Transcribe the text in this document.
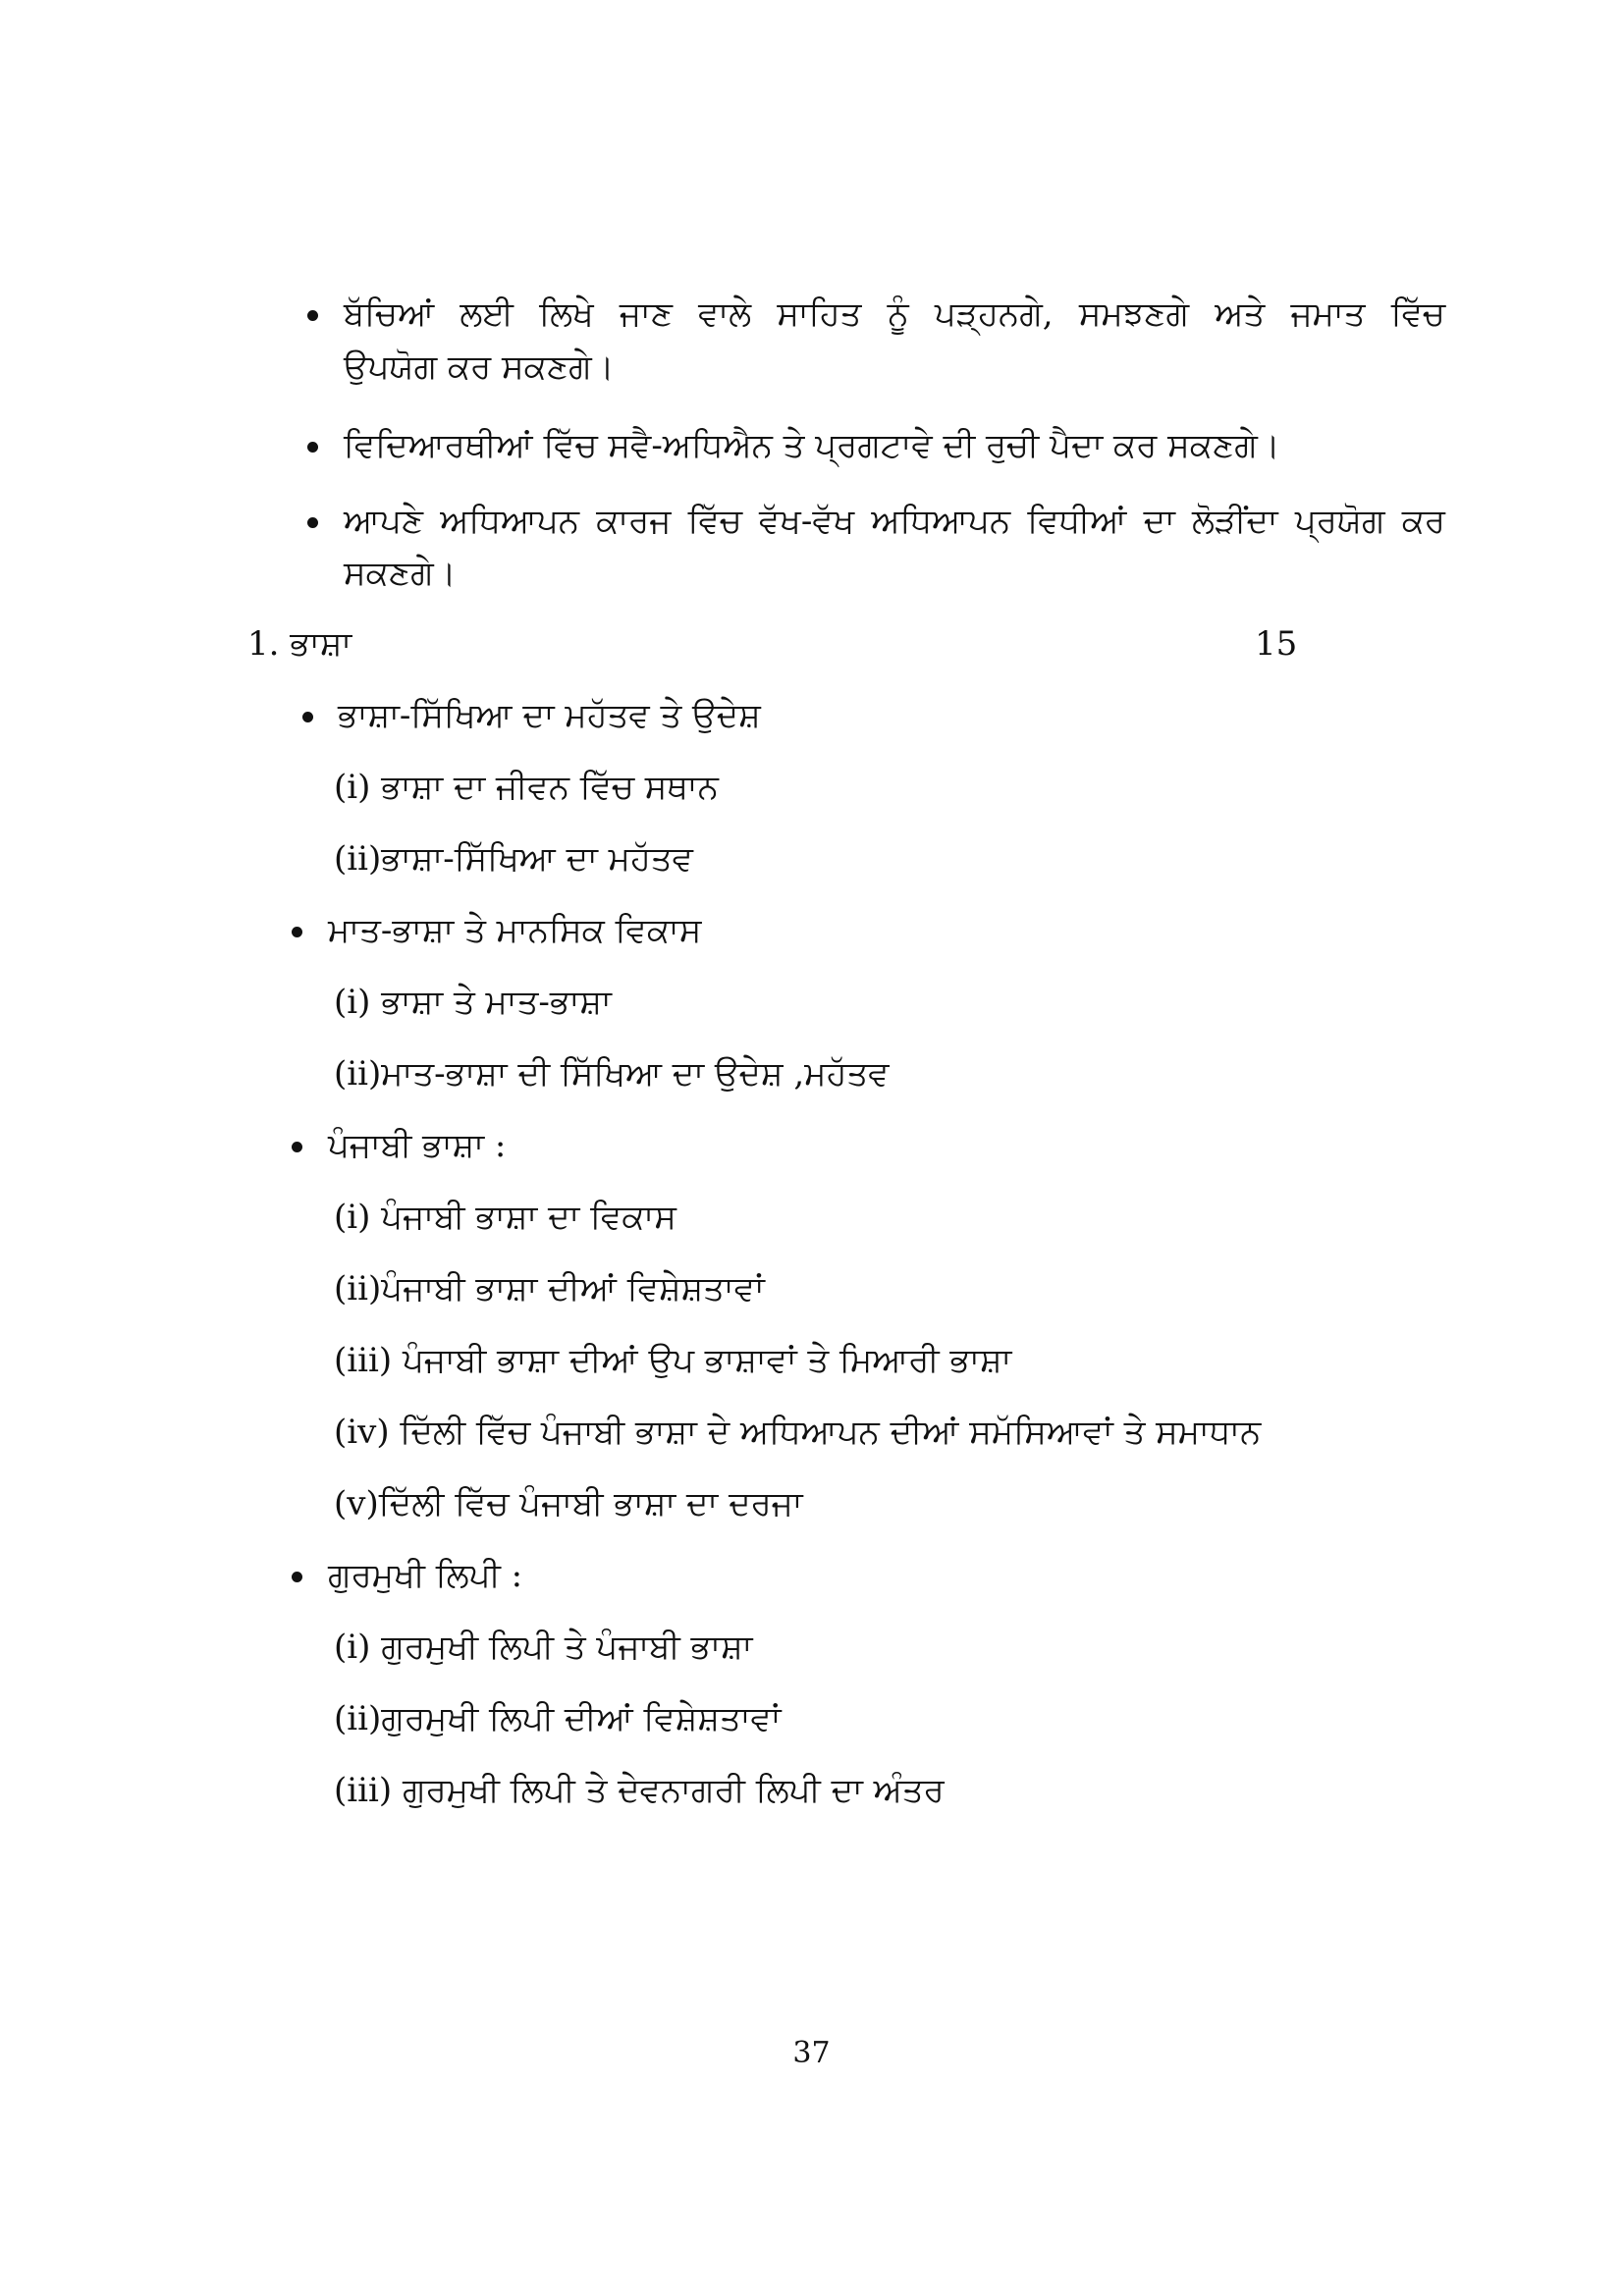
ਬੱਚਿਆਂ ਲਈ ਲਿਖੇ ਜਾਣ ਵਾਲੇ ਸਾਹਿਤ ਨੂੰ ਪੜ੍ਹਨਗੇ, ਸਮਝਣਗੇ ਅਤੇ ਜਮਾਤ ਵਿੱਚ
ਉਪਯੋਗ ਕਰ ਸਕਣਗੇ।
ਵਿਦਿਆਰਥੀਆਂ ਵਿੱਚ ਸਵੈ-ਅਧਿਐਨ ਤੇ ਪ੍ਰਗਟਾਵੇ ਦੀ ਰੁਚੀ ਪੈਦਾ ਕਰ ਸਕਣਗੇ।
ਆਪਣੇ ਅਧਿਆਪਨ ਕਾਰਜ ਵਿੱਚ ਵੱਖ-ਵੱਖ ਅਧਿਆਪਨ ਵਿਧੀਆਂ ਦਾ ਲੋੜੀਂਦਾ ਪ੍ਰਯੋਗ ਕਰ
ਸਕਣਗੇ।
1. ਭਾਸ਼ਾ	15
ਭਾਸ਼ਾ-ਸਿੱਖਿਆ ਦਾ ਮਹੱਤਵ ਤੇ ਉਦੇਸ਼
(i) ਭਾਸ਼ਾ ਦਾ ਜੀਵਨ ਵਿੱਚ ਸਥਾਨ
(ii)ਭਾਸ਼ਾ-ਸਿੱਖਿਆ ਦਾ ਮਹੱਤਵ
ਮਾਤ-ਭਾਸ਼ਾ ਤੇ ਮਾਨਸਿਕ ਵਿਕਾਸ
(i) ਭਾਸ਼ਾ ਤੇ ਮਾਤ-ਭਾਸ਼ਾ
(ii)ਮਾਤ-ਭਾਸ਼ਾ ਦੀ ਸਿੱਖਿਆ ਦਾ ਉਦੇਸ਼ ,ਮਹੱਤਵ
ਪੰਜਾਬੀ ਭਾਸ਼ਾ :
(i) ਪੰਜਾਬੀ ਭਾਸ਼ਾ ਦਾ ਵਿਕਾਸ
(ii)ਪੰਜਾਬੀ ਭਾਸ਼ਾ ਦੀਆਂ ਵਿਸ਼ੇਸ਼ਤਾਵਾਂ
(iii) ਪੰਜਾਬੀ ਭਾਸ਼ਾ ਦੀਆਂ ਉਪ ਭਾਸ਼ਾਵਾਂ ਤੇ ਮਿਆਰੀ ਭਾਸ਼ਾ
(iv) ਦਿੱਲੀ ਵਿੱਚ ਪੰਜਾਬੀ ਭਾਸ਼ਾ ਦੇ ਅਧਿਆਪਨ ਦੀਆਂ ਸਮੱਸਿਆਵਾਂ ਤੇ ਸਮਾਧਾਨ
(v)ਦਿੱਲੀ ਵਿੱਚ ਪੰਜਾਬੀ ਭਾਸ਼ਾ ਦਾ ਦਰਜਾ
ਗੁਰਮੁਖੀ ਲਿਪੀ :
(i) ਗੁਰਮੁਖੀ ਲਿਪੀ ਤੇ ਪੰਜਾਬੀ ਭਾਸ਼ਾ
(ii)ਗੁਰਮੁਖੀ ਲਿਪੀ ਦੀਆਂ ਵਿਸ਼ੇਸ਼ਤਾਵਾਂ
(iii) ਗੁਰਮੁਖੀ ਲਿਪੀ ਤੇ ਦੇਵਨਾਗਰੀ ਲਿਪੀ ਦਾ ਅੰਤਰ
37
